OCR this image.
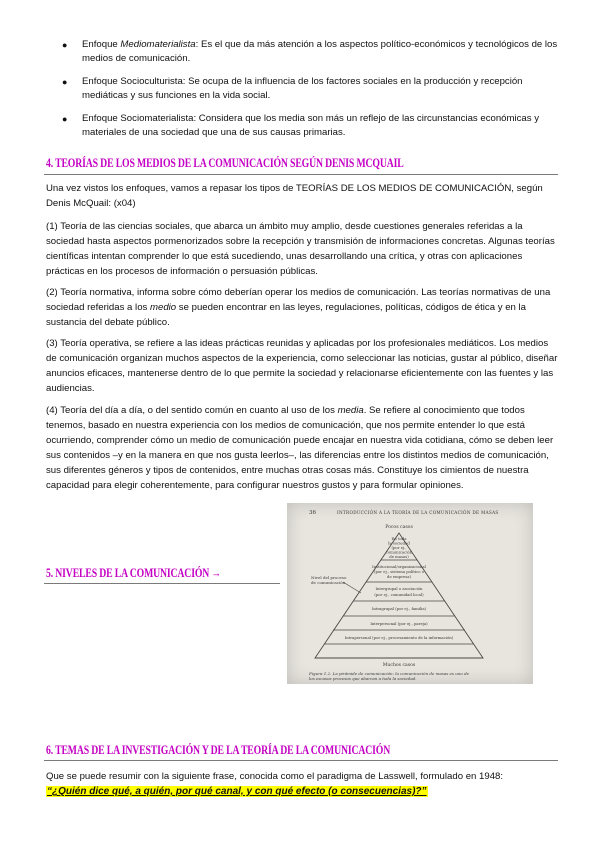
● Enfoque Mediomaterialista: Es el que da más atención a los aspectos político-económicos y tecnológicos de los medios de comunicación.
● Enfoque Socioculturista: Se ocupa de la influencia de los factores sociales en la producción y recepción mediáticas y sus funciones en la vida social.
● Enfoque Sociomaterialista: Considera que los media son más un reflejo de las circunstancias económicas y materiales de una sociedad que una de sus causas primarias.
4. TEORÍAS DE LOS MEDIOS DE LA COMUNICACIÓN SEGÚN DENIS MCQUAIL

Una vez vistos los enfoques, vamos a repasar los tipos de TEORÍAS DE LOS MEDIOS DE COMUNICACIÓN, según Denis McQuail: (x04)

(1) Teoría de las ciencias sociales, que abarca un ámbito muy amplio, desde cuestiones generales referidas a la sociedad hasta aspectos pormenorizados sobre la recepción y transmisión de informaciones concretas. Algunas teorías científicas intentan comprender lo que está sucediendo, unas desarrollando una crítica, y otras con aplicaciones prácticas en los procesos de información o persuasión públicas.

(2) Teoría normativa, informa sobre cómo deberían operar los medios de comunicación. Las teorías normativas de una sociedad referidas a los medio se pueden encontrar en las leyes, regulaciones, políticas, códigos de ética y en la sustancia del debate público.

(3) Teoría operativa, se refiere a las ideas prácticas reunidas y aplicadas por los profesionales mediáticos. Los medios de comunicación organizan muchos aspectos de la experiencia, como seleccionar las noticias, gustar al público, diseñar anuncios eficaces, mantenerse dentro de lo que permite la sociedad y relacionarse eficientemente con las fuentes y las audiencias.

(4) Teoría del día a día, o del sentido común en cuanto al uso de los media. Se refiere al conocimiento que todos tenemos, basado en nuestra experiencia con los medios de comunicación, que nos permite entender lo que está ocurriendo, comprender cómo un medio de comunicación puede encajar en nuestra vida cotidiana, cómo se deben leer sus contenidos –y en la manera en que nos gusta leerlos–, las diferencias entre los distintos medios de comunicación, sus diferentes géneros y tipos de contenidos, entre muchas otras cosas más. Constituye los cimientos de nuestra capacidad para elegir coherentemente, para configurar nuestros gustos y para formular opiniones.

5. NIVELES DE LA COMUNICACIÓN →
36	INTRODUCCIÓN A LA TEORÍA DE LA COMUNICACIÓN DE MASAS
Pocos casos
En toda
la sociedad
(por ej.,
comunicación
de masas)
Institucional/organizacional
(por ej., sistema político o
de empresa)
Intergrupal o asociación
(por ej., comunidad local)
Intragrupal (por ej., familia)
Interpersonal (por ej., pareja)
Intrapersonal (por ej., procesamiento de la información)
Nivel del proceso
de comunicación
Muchos casos
Figura 1.2. La pirámide de comunicación: la comunicación de masas es uno de
los escasos procesos que abarcan a toda la sociedad.
6. TEMAS DE LA INVESTIGACIÓN Y DE LA TEORÍA DE LA COMUNICACIÓN

Que se puede resumir con la siguiente frase, conocida como el paradigma de Lasswell, formulado en 1948:

“¿Quién dice qué, a quién, por qué canal, y con qué efecto (o consecuencias)?”
